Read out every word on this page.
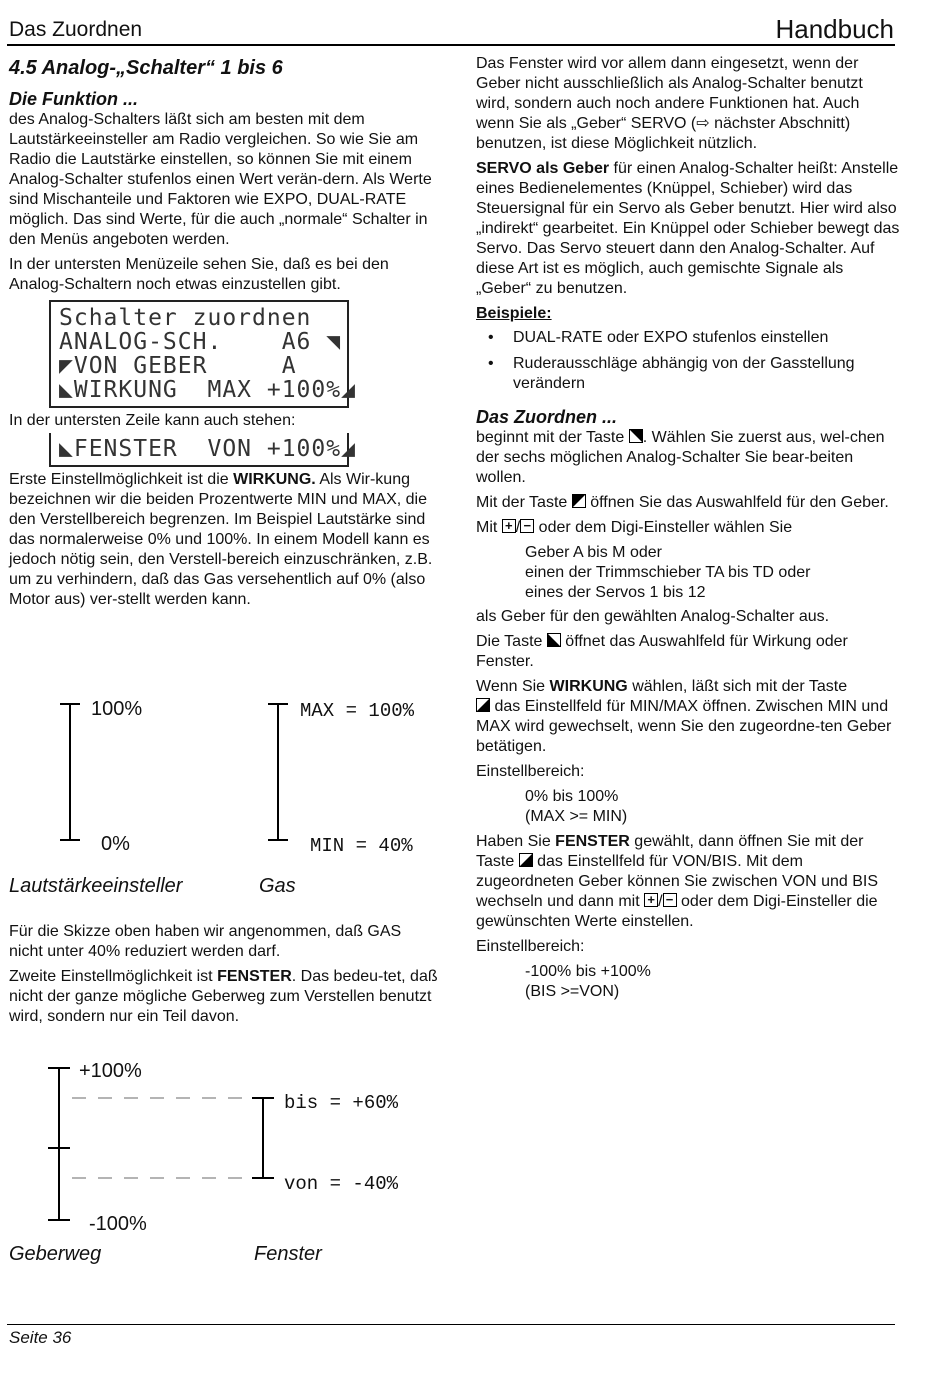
Das Zuordnen	Handbuch
4.5 Analog-„Schalter“ 1 bis 6
Die Funktion ...

des Analog-Schalters läßt sich am besten mit dem Lautstärkeeinsteller am Radio vergleichen. So wie Sie am Radio die Lautstärke einstellen, so können Sie mit einem Analog-Schalter stufenlos einen Wert verän-dern. Als Werte sind Mischanteile und Faktoren wie EXPO, DUAL-RATE möglich. Das sind Werte, für die auch „normale“ Schalter in den Menüs angeboten werden.

In der untersten Menüzeile sehen Sie, daß es bei den Analog-Schaltern noch etwas einzustellen gibt.

Schalter zuordnen
ANALOG-SCH.    A6 ◥
◤VON GEBER     A
◣WIRKUNG  MAX +100%◢

In der untersten Zeile kann auch stehen:

◣FENSTER  VON +100%◢

Erste Einstellmöglichkeit ist die WIRKUNG. Als Wir-kung bezeichnen wir die beiden Prozentwerte MIN und MAX, die den Verstellbereich begrenzen. Im Beispiel Lautstärke sind das normalerweise 0% und 100%. In einem Modell kann es jedoch nötig sein, den Verstell-bereich einzuschränken, z.B. um zu verhindern, daß das Gas versehentlich auf 0% (also Motor aus) ver-stellt werden kann.

100%
0%
MAX = 100%
MIN = 40%
Lautstärkeeinsteller	Gas

Für die Skizze oben haben wir angenommen, daß GAS nicht unter 40% reduziert werden darf.

Zweite Einstellmöglichkeit ist FENSTER. Das bedeu-tet, daß nicht der ganze mögliche Geberweg zum Verstellen benutzt wird, sondern nur ein Teil davon.

+100%
-100%
bis = +60%
von = -40%
Geberweg	Fenster

Das Fenster wird vor allem dann eingesetzt, wenn der Geber nicht ausschließlich als Analog-Schalter benutzt wird, sondern auch noch andere Funktionen hat. Auch wenn Sie als „Geber“ SERVO (⇨ nächster Abschnitt) benutzen, ist diese Möglichkeit nützlich.

SERVO als Geber für einen Analog-Schalter heißt: Anstelle eines Bedienelementes (Knüppel, Schieber) wird das Steuersignal für ein Servo als Geber benutzt. Hier wird also „indirekt“ gearbeitet. Ein Knüppel oder Schieber bewegt das Servo. Das Servo steuert dann den Analog-Schalter. Auf diese Art ist es möglich, auch gemischte Signale als „Geber“ zu benutzen.

Beispiele:

• DUAL-RATE oder EXPO stufenlos einstellen
• Ruderausschläge abhängig von der Gasstellung verändern
Das Zuordnen ...

beginnt mit der Taste . Wählen Sie zuerst aus, wel-chen der sechs möglichen Analog-Schalter Sie bear-beiten wollen.

Mit der Taste  öffnen Sie das Auswahlfeld für den Geber.

Mit +/− oder dem Digi-Einsteller wählen Sie

Geber A bis M oder
einen der Trimmschieber TA bis TD oder
eines der Servos 1 bis 12

als Geber für den gewählten Analog-Schalter aus.

Die Taste  öffnet das Auswahlfeld für Wirkung oder Fenster.

Wenn Sie WIRKUNG wählen, läßt sich mit der Taste
das Einstellfeld für MIN/MAX öffnen. Zwischen MIN und MAX wird gewechselt, wenn Sie den zugeordne-ten Geber betätigen.

Einstellbereich:

0% bis 100%
(MAX >= MIN)

Haben Sie FENSTER gewählt, dann öffnen Sie mit der Taste  das Einstellfeld für VON/BIS. Mit dem zugeordneten Geber können Sie zwischen VON und BIS wechseln und dann mit +/− oder dem Digi-Einsteller die gewünschten Werte einstellen.

Einstellbereich:

-100% bis +100%
(BIS >=VON)

Seite 36
